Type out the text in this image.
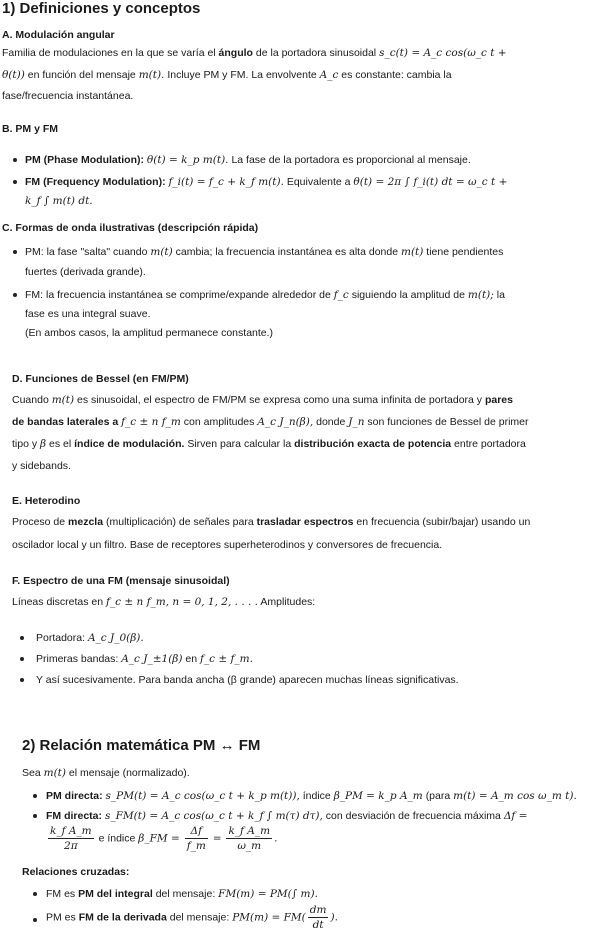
1) Definiciones y conceptos
A. Modulación angular
Familia de modulaciones en la que se varía el ángulo de la portadora sinusoidal s_c(t) = A_c cos(ω_c t +
θ(t)) en función del mensaje m(t). Incluye PM y FM. La envolvente A_c es constante: cambia la
fase/frecuencia instantánea.
B. PM y FM
PM (Phase Modulation): θ(t) = k_p m(t). La fase de la portadora es proporcional al mensaje.
FM (Frequency Modulation): f_i(t) = f_c + k_f m(t). Equivalente a θ(t) = 2π ∫ f_i(t) dt = ω_c t +
k_f ∫ m(t) dt.
C. Formas de onda ilustrativas (descripción rápida)
PM: la fase "salta" cuando m(t) cambia; la frecuencia instantánea es alta donde m(t) tiene pendientes
fuertes (derivada grande).
FM: la frecuencia instantánea se comprime/expande alrededor de f_c siguiendo la amplitud de m(t); la
fase es una integral suave.
(En ambos casos, la amplitud permanece constante.)
D. Funciones de Bessel (en FM/PM)
Cuando m(t) es sinusoidal, el espectro de FM/PM se expresa como una suma infinita de portadora y pares
de bandas laterales a f_c ± n f_m con amplitudes A_c J_n(β), donde J_n son funciones de Bessel de primer
tipo y β es el índice de modulación. Sirven para calcular la distribución exacta de potencia entre portadora
y sidebands.
E. Heterodino
Proceso de mezcla (multiplicación) de señales para trasladar espectros en frecuencia (subir/bajar) usando un
oscilador local y un filtro. Base de receptores superheterodinos y conversores de frecuencia.
F. Espectro de una FM (mensaje sinusoidal)
Líneas discretas en f_c ± n f_m, n = 0, 1, 2, . . . . Amplitudes:
Portadora: A_c J_0(β).
Primeras bandas: A_c J_±1(β) en f_c ± f_m.
Y así sucesivamente. Para banda ancha (β grande) aparecen muchas líneas significativas.
2) Relación matemática PM ↔ FM
Sea m(t) el mensaje (normalizado).
PM directa: s_PM(t) = A_c cos(ω_c t + k_p m(t)), índice β_PM = k_p A_m (para m(t) = A_m cos ω_m t).
FM directa: s_FM(t) = A_c cos(ω_c t + k_f ∫ m(τ) dτ), con desviación de frecuencia máxima Δf =
$\frac{\text{k\_f A\_m}}{2\pi}$ e índice β_FM = $\frac{\Delta f}{f\_m} = \frac{\text{k\_f A\_m}}{\omega\_m}$ .
Relaciones cruzadas:
FM es PM del integral del mensaje: FM(m) = PM(∫ m).
PM es FM de la derivada del mensaje: $PM(m) = FM( \frac{dm}{dt}$ ).
